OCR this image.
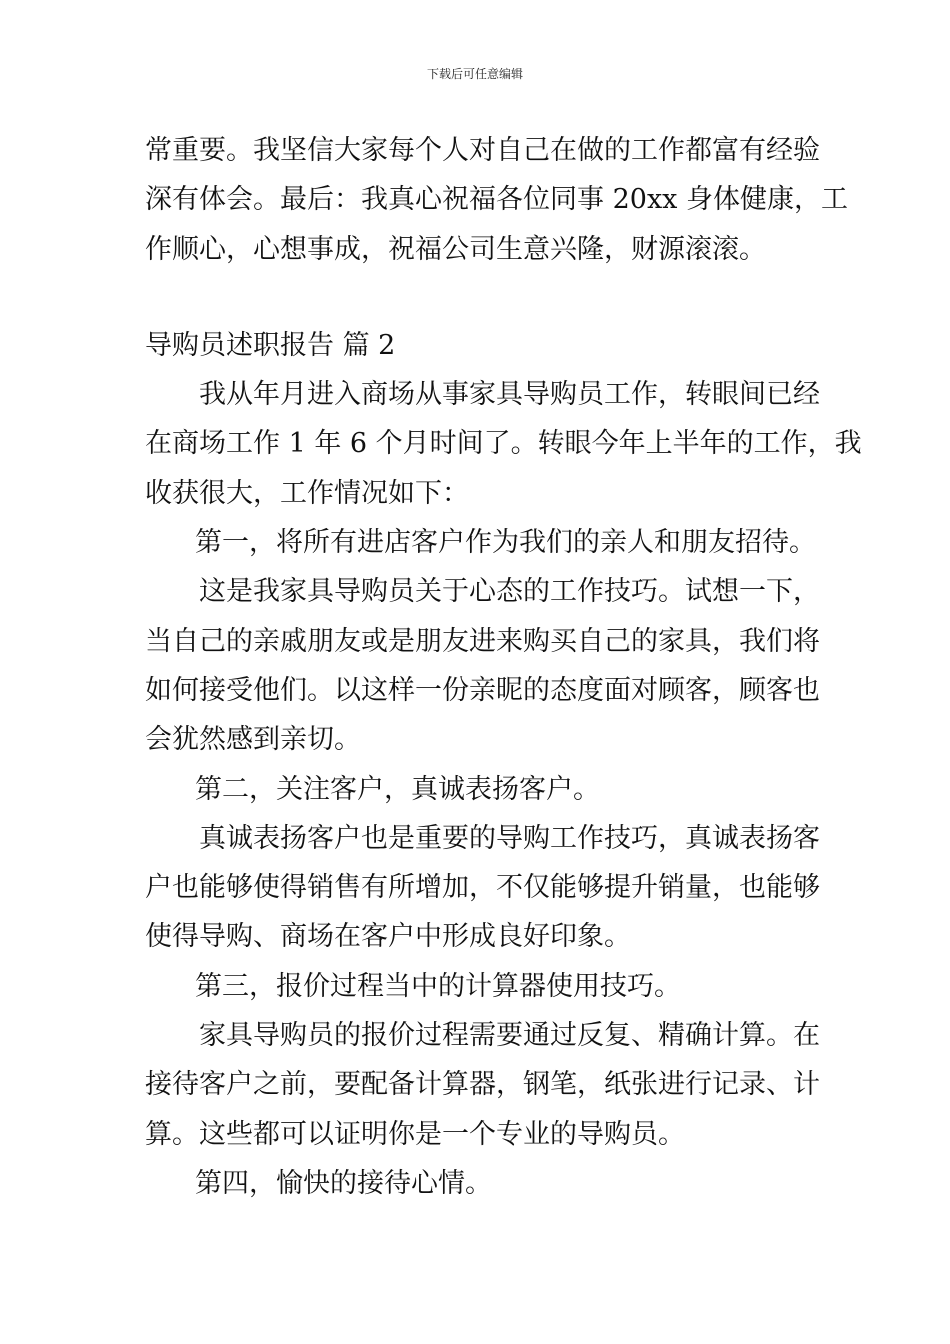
下载后可任意编辑
常重要。我坚信大家每个人对自己在做的工作都富有经验
深有体会。最后：我真心祝福各位同事 20xx 身体健康，工
作顺心，心想事成，祝福公司生意兴隆，财源滚滚。
导购员述职报告 篇 2
我从年月进入商场从事家具导购员工作，转眼间已经
在商场工作 1 年 6 个月时间了。转眼今年上半年的工作，我
收获很大，工作情况如下：
第一，将所有进店客户作为我们的亲人和朋友招待。
这是我家具导购员关于心态的工作技巧。试想一下，
当自己的亲戚朋友或是朋友进来购买自己的家具，我们将
如何接受他们。以这样一份亲昵的态度面对顾客，顾客也
会犹然感到亲切。
第二，关注客户，真诚表扬客户。
真诚表扬客户也是重要的导购工作技巧，真诚表扬客
户也能够使得销售有所增加，不仅能够提升销量，也能够
使得导购、商场在客户中形成良好印象。
第三，报价过程当中的计算器使用技巧。
家具导购员的报价过程需要通过反复、精确计算。在
接待客户之前，要配备计算器，钢笔，纸张进行记录、计
算。这些都可以证明你是一个专业的导购员。
第四，愉快的接待心情。
